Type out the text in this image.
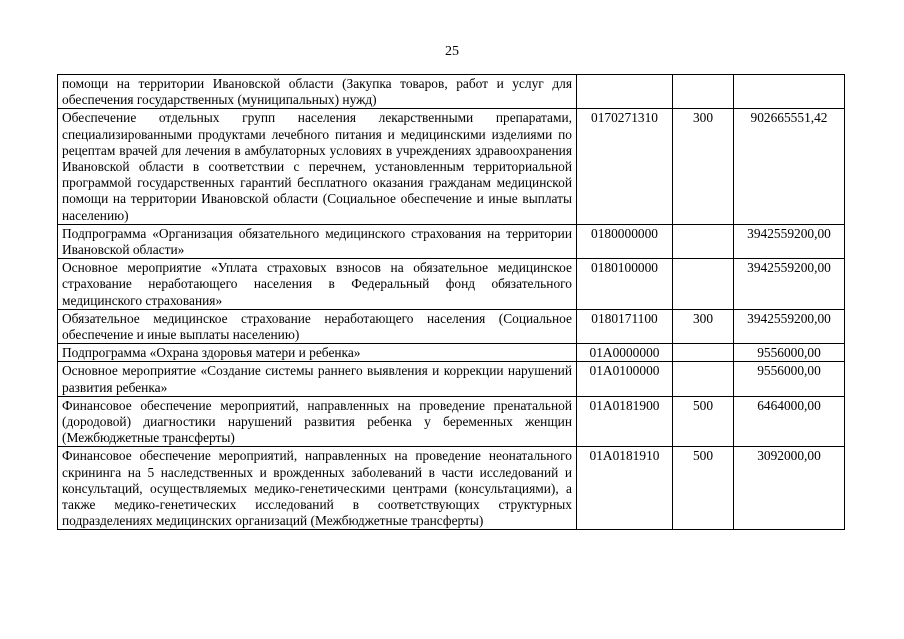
25
помощи на территории Ивановской области (Закупка товаров, работ и услуг для обеспечения государственных (муниципальных) нужд)			
Обеспечение отдельных групп населения лекарственными препаратами, специализированными продуктами лечебного питания и медицинскими изделиями по рецептам врачей для лечения в амбулаторных условиях в учреждениях здравоохранения Ивановской области в соответствии с перечнем, установленным территориальной программой государственных гарантий бесплатного оказания гражданам медицинской помощи на территории Ивановской области (Социальное обеспечение и иные выплаты населению)	0170271310	300	902665551,42
Подпрограмма «Организация обязательного медицинского страхования на территории Ивановской области»	0180000000		3942559200,00
Основное мероприятие «Уплата страховых взносов на обязательное медицинское страхование неработающего населения в Федеральный фонд обязательного медицинского страхования»	0180100000		3942559200,00
Обязательное медицинское страхование неработающего населения (Социальное обеспечение и иные выплаты населению)	0180171100	300	3942559200,00
Подпрограмма «Охрана здоровья матери и ребенка»	01А0000000		9556000,00
Основное мероприятие «Создание системы раннего выявления и коррекции нарушений развития ребенка»	01А0100000		9556000,00
Финансовое обеспечение мероприятий, направленных на проведение пренатальной (дородовой) диагностики нарушений развития ребенка у беременных женщин (Межбюджетные трансферты)	01А0181900	500	6464000,00
Финансовое обеспечение мероприятий, направленных на проведение неонатального скрининга на 5 наследственных и врожденных заболеваний в части исследований и консультаций, осуществляемых медико-генетическими центрами (консультациями), а также медико-генетических исследований в соответствующих структурных подразделениях медицинских организаций (Межбюджетные трансферты)	01А0181910	500	3092000,00
